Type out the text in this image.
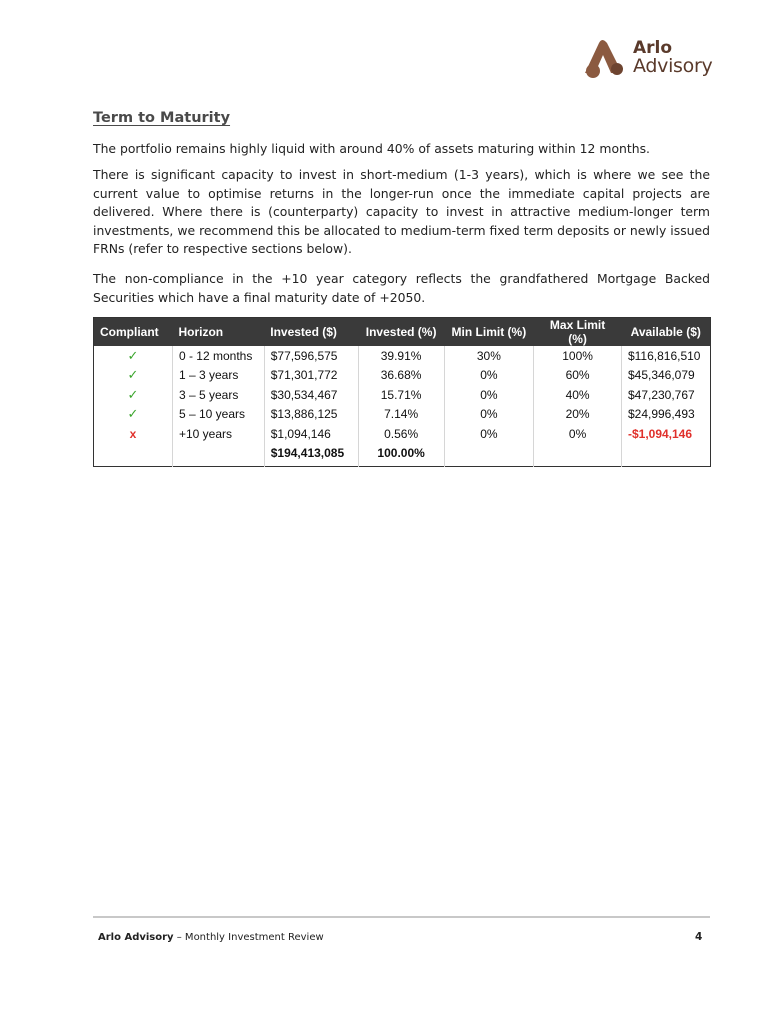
Arlo
Advisory
Term to Maturity

The portfolio remains highly liquid with around 40% of assets maturing within 12 months.

There is significant capacity to invest in short-medium (1-3 years), which is where we see the current value to optimise returns in the longer-run once the immediate capital projects are delivered. Where there is (counterparty) capacity to invest in attractive medium-longer term investments, we recommend this be allocated to medium-term fixed term deposits or newly issued FRNs (refer to respective sections below).

The non-compliance in the +10 year category reflects the grandfathered Mortgage Backed Securities which have a final maturity date of +2050.

Compliant	Horizon	Invested ($)	Invested (%)	Min Limit (%)	Max Limit (%)	Available ($)
✓	0 - 12 months	$77,596,575	39.91%	30%	100%	$116,816,510
✓	1 – 3 years	$71,301,772	36.68%	0%	60%	$45,346,079
✓	3 – 5 years	$30,534,467	15.71%	0%	40%	$47,230,767
✓	5 – 10 years	$13,886,125	7.14%	0%	20%	$24,996,493
x	+10 years	$1,094,146	0.56%	0%	0%	-$1,094,146
		$194,413,085	100.00%			
Arlo Advisory – Monthly Investment Review	4
